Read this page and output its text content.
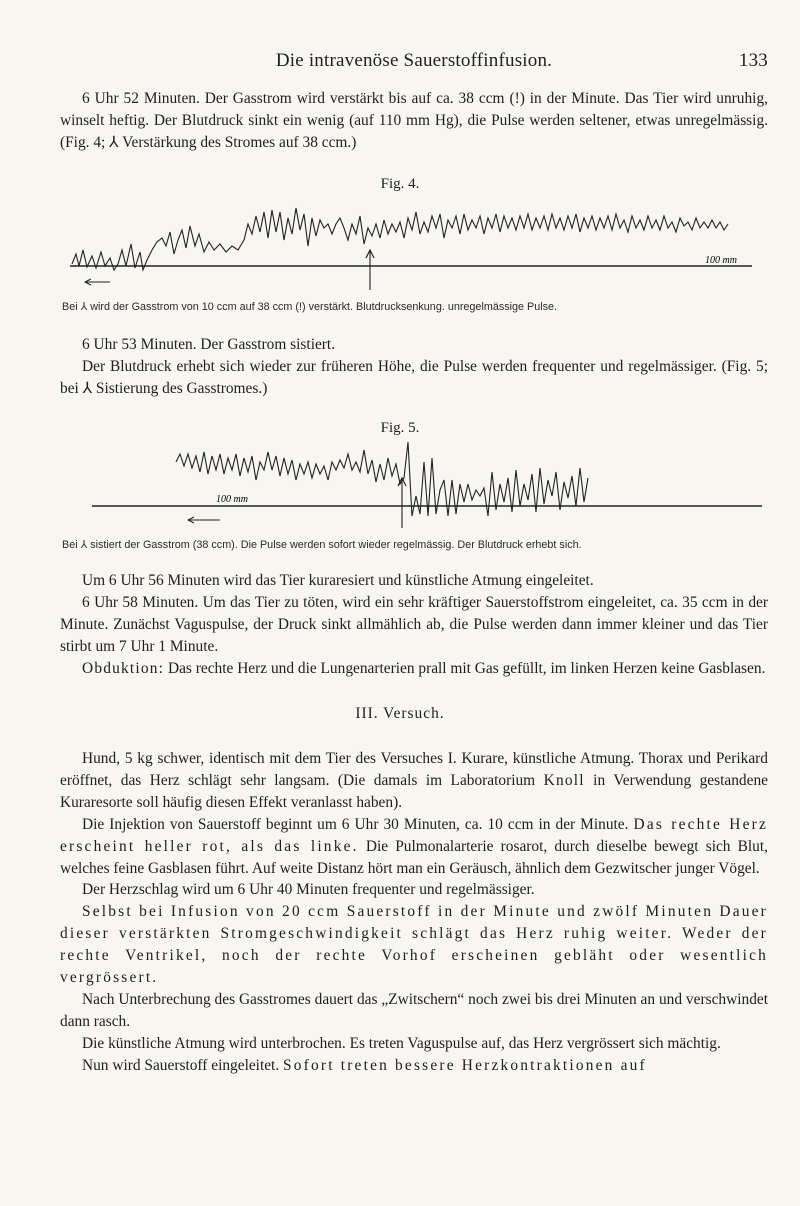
Die intravenöse Sauerstoffinfusion.	133

6 Uhr 52 Minuten. Der Gasstrom wird verstärkt bis auf ca. 38 ccm (!) in der Minute. Das Tier wird unruhig, winselt heftig. Der Blutdruck sinkt ein wenig (auf 110 mm Hg), die Pulse werden seltener, etwas unregelmässig. (Fig. 4; ⅄ Verstärkung des Stromes auf 38 ccm.)

Fig. 4.
100 mm
Bei ⅄ wird der Gasstrom von 10 ccm auf 38 ccm (!) verstärkt. Blutdrucksenkung. unregelmässige Pulse.

6 Uhr 53 Minuten. Der Gasstrom sistiert.

Der Blutdruck erhebt sich wieder zur früheren Höhe, die Pulse werden frequenter und regelmässiger. (Fig. 5; bei ⅄ Sistierung des Gasstromes.)

Fig. 5.
100 mm
Bei ⅄ sistiert der Gasstrom (38 ccm). Die Pulse werden sofort wieder regelmässig. Der Blutdruck erhebt sich.

Um 6 Uhr 56 Minuten wird das Tier kuraresiert und künstliche Atmung eingeleitet.

6 Uhr 58 Minuten. Um das Tier zu töten, wird ein sehr kräftiger Sauerstoffstrom eingeleitet, ca. 35 ccm in der Minute. Zunächst Vaguspulse, der Druck sinkt allmählich ab, die Pulse werden dann immer kleiner und das Tier stirbt um 7 Uhr 1 Minute.

Obduktion: Das rechte Herz und die Lungenarterien prall mit Gas gefüllt, im linken Herzen keine Gasblasen.

III. Versuch.

Hund, 5 kg schwer, identisch mit dem Tier des Versuches I. Kurare, künstliche Atmung. Thorax und Perikard eröffnet, das Herz schlägt sehr langsam. (Die damals im Laboratorium Knoll in Verwendung gestandene Kuraresorte soll häufig diesen Effekt veranlasst haben).

Die Injektion von Sauerstoff beginnt um 6 Uhr 30 Minuten, ca. 10 ccm in der Minute. Das rechte Herz erscheint heller rot, als das linke. Die Pulmonalarterie rosarot, durch dieselbe bewegt sich Blut, welches feine Gasblasen führt. Auf weite Distanz hört man ein Geräusch, ähnlich dem Gezwitscher junger Vögel.

Der Herzschlag wird um 6 Uhr 40 Minuten frequenter und regelmässiger.

Selbst bei Infusion von 20 ccm Sauerstoff in der Minute und zwölf Minuten Dauer dieser verstärkten Stromgeschwindigkeit schlägt das Herz ruhig weiter. Weder der rechte Ventrikel, noch der rechte Vorhof erscheinen gebläht oder wesentlich vergrössert.

Nach Unterbrechung des Gasstromes dauert das „Zwitschern“ noch zwei bis drei Minuten an und verschwindet dann rasch.

Die künstliche Atmung wird unterbrochen. Es treten Vaguspulse auf, das Herz vergrössert sich mächtig.

Nun wird Sauerstoff eingeleitet. Sofort treten bessere Herzkontraktionen auf
